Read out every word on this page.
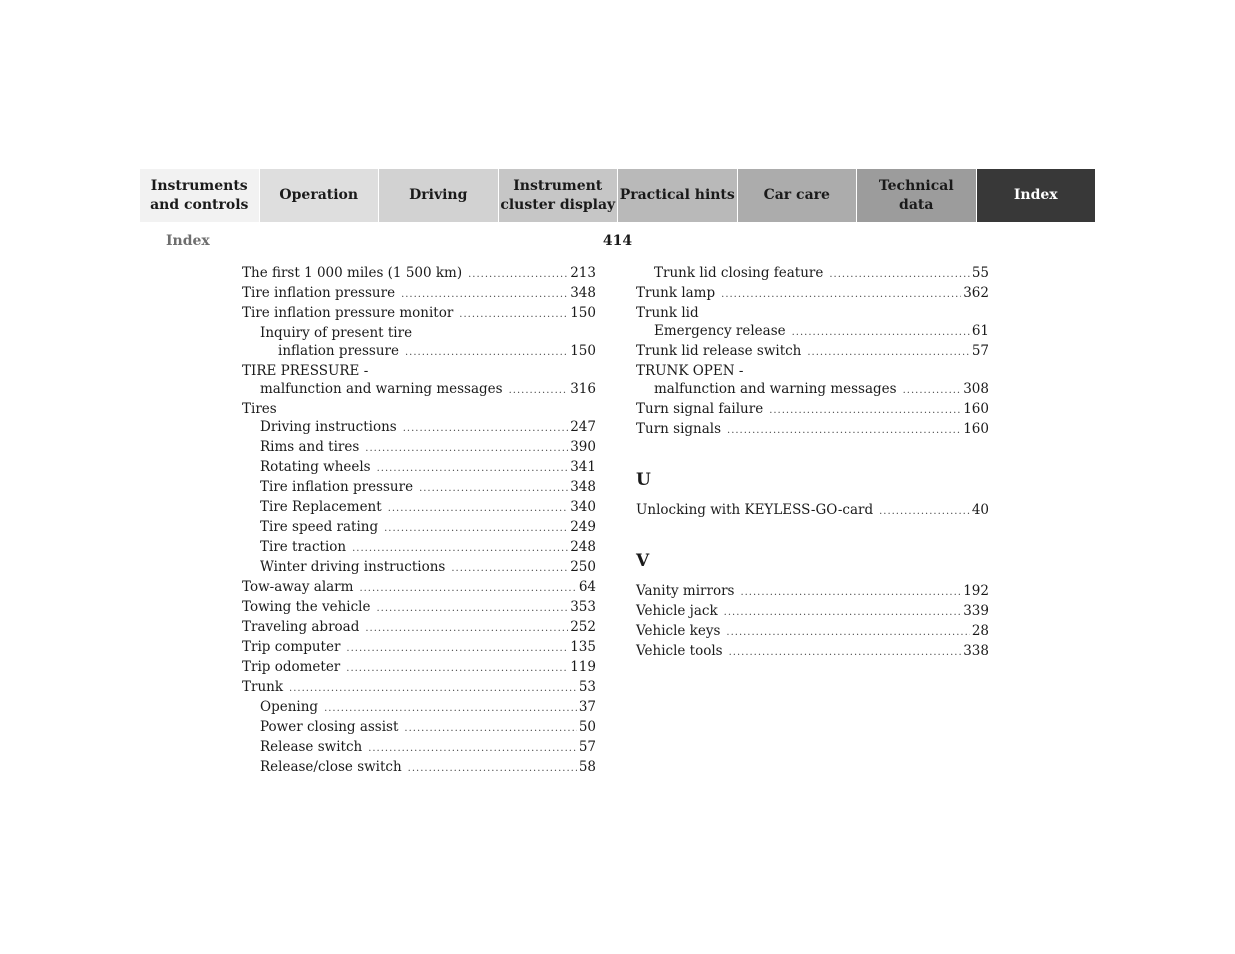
Instruments
and controls
Operation	Driving
Instrument
cluster display
Practical hints	Car care
Technical
data
Index
Index	414
The first 1 000 miles (1 500 km) .....	213
Tire inflation pressure .....	348
Tire inflation pressure monitor .....	150
Inquiry of present tire
inflation pressure .....	150
TIRE PRESSURE -
malfunction and warning messages .....	316
Tires
Driving instructions .....	247
Rims and tires .....	390
Rotating wheels .....	341
Tire inflation pressure .....	348
Tire Replacement .....	340
Tire speed rating .....	249
Tire traction .....	248
Winter driving instructions .....	250
Tow-away alarm .....	64
Towing the vehicle .....	353
Traveling abroad .....	252
Trip computer .....	135
Trip odometer .....	119
Trunk .....	53
Opening .....	37
Power closing assist .....	50
Release switch .....	57
Release/close switch .....	58
Trunk lid closing feature .....	55
Trunk lamp .....	362
Trunk lid
Emergency release .....	61
Trunk lid release switch .....	57
TRUNK OPEN -
malfunction and warning messages .....	308
Turn signal failure .....	160
Turn signals .....	160
U
Unlocking with KEYLESS-GO-card .....	40
V
Vanity mirrors .....	192
Vehicle jack .....	339
Vehicle keys .....	28
Vehicle tools .....	338
